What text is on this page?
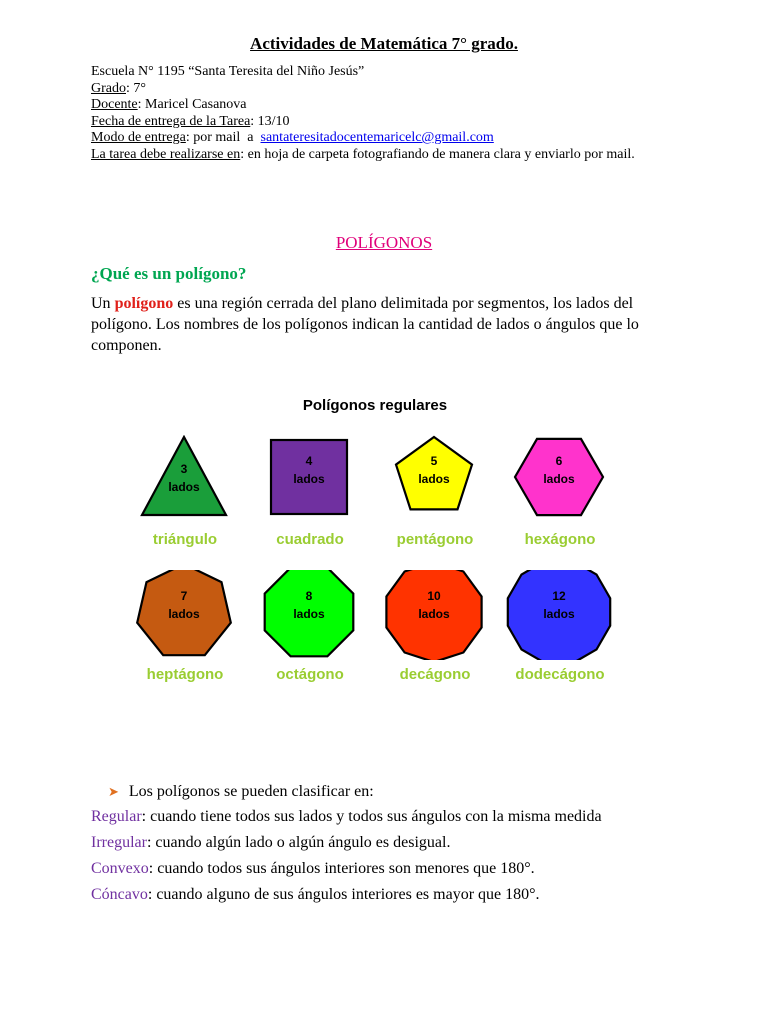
Actividades de Matemática 7° grado.
Escuela N° 1195 “Santa Teresita del Niño Jesús”
Grado: 7°
Docente: Maricel Casanova
Fecha de entrega de la Tarea: 13/10
Modo de entrega: por mail  a  santateresitadocentemaricelc@gmail.com
La tarea debe realizarse en: en hoja de carpeta fotografiando de manera clara y enviarlo por mail.
POLÍGONOS
¿Qué es un polígono?
Un polígono es una región cerrada del plano delimitada por segmentos, los lados del polígono. Los nombres de los polígonos indican la cantidad de lados o ángulos que lo componen.
Polígonos regulares
3
lados
triángulo
4
lados
cuadrado
5
lados
pentágono
6
lados
hexágono
7
lados
heptágono
8
lados
octágono
10
lados
decágono
12
lados
dodecágono
➤ Los polígonos se pueden clasificar en:
Regular: cuando tiene todos sus lados y todos sus ángulos con la misma medida
Irregular: cuando algún lado o algún ángulo es desigual.
Convexo: cuando todos sus ángulos interiores son menores que 180°.
Cóncavo: cuando alguno de sus ángulos interiores es mayor que 180°.
